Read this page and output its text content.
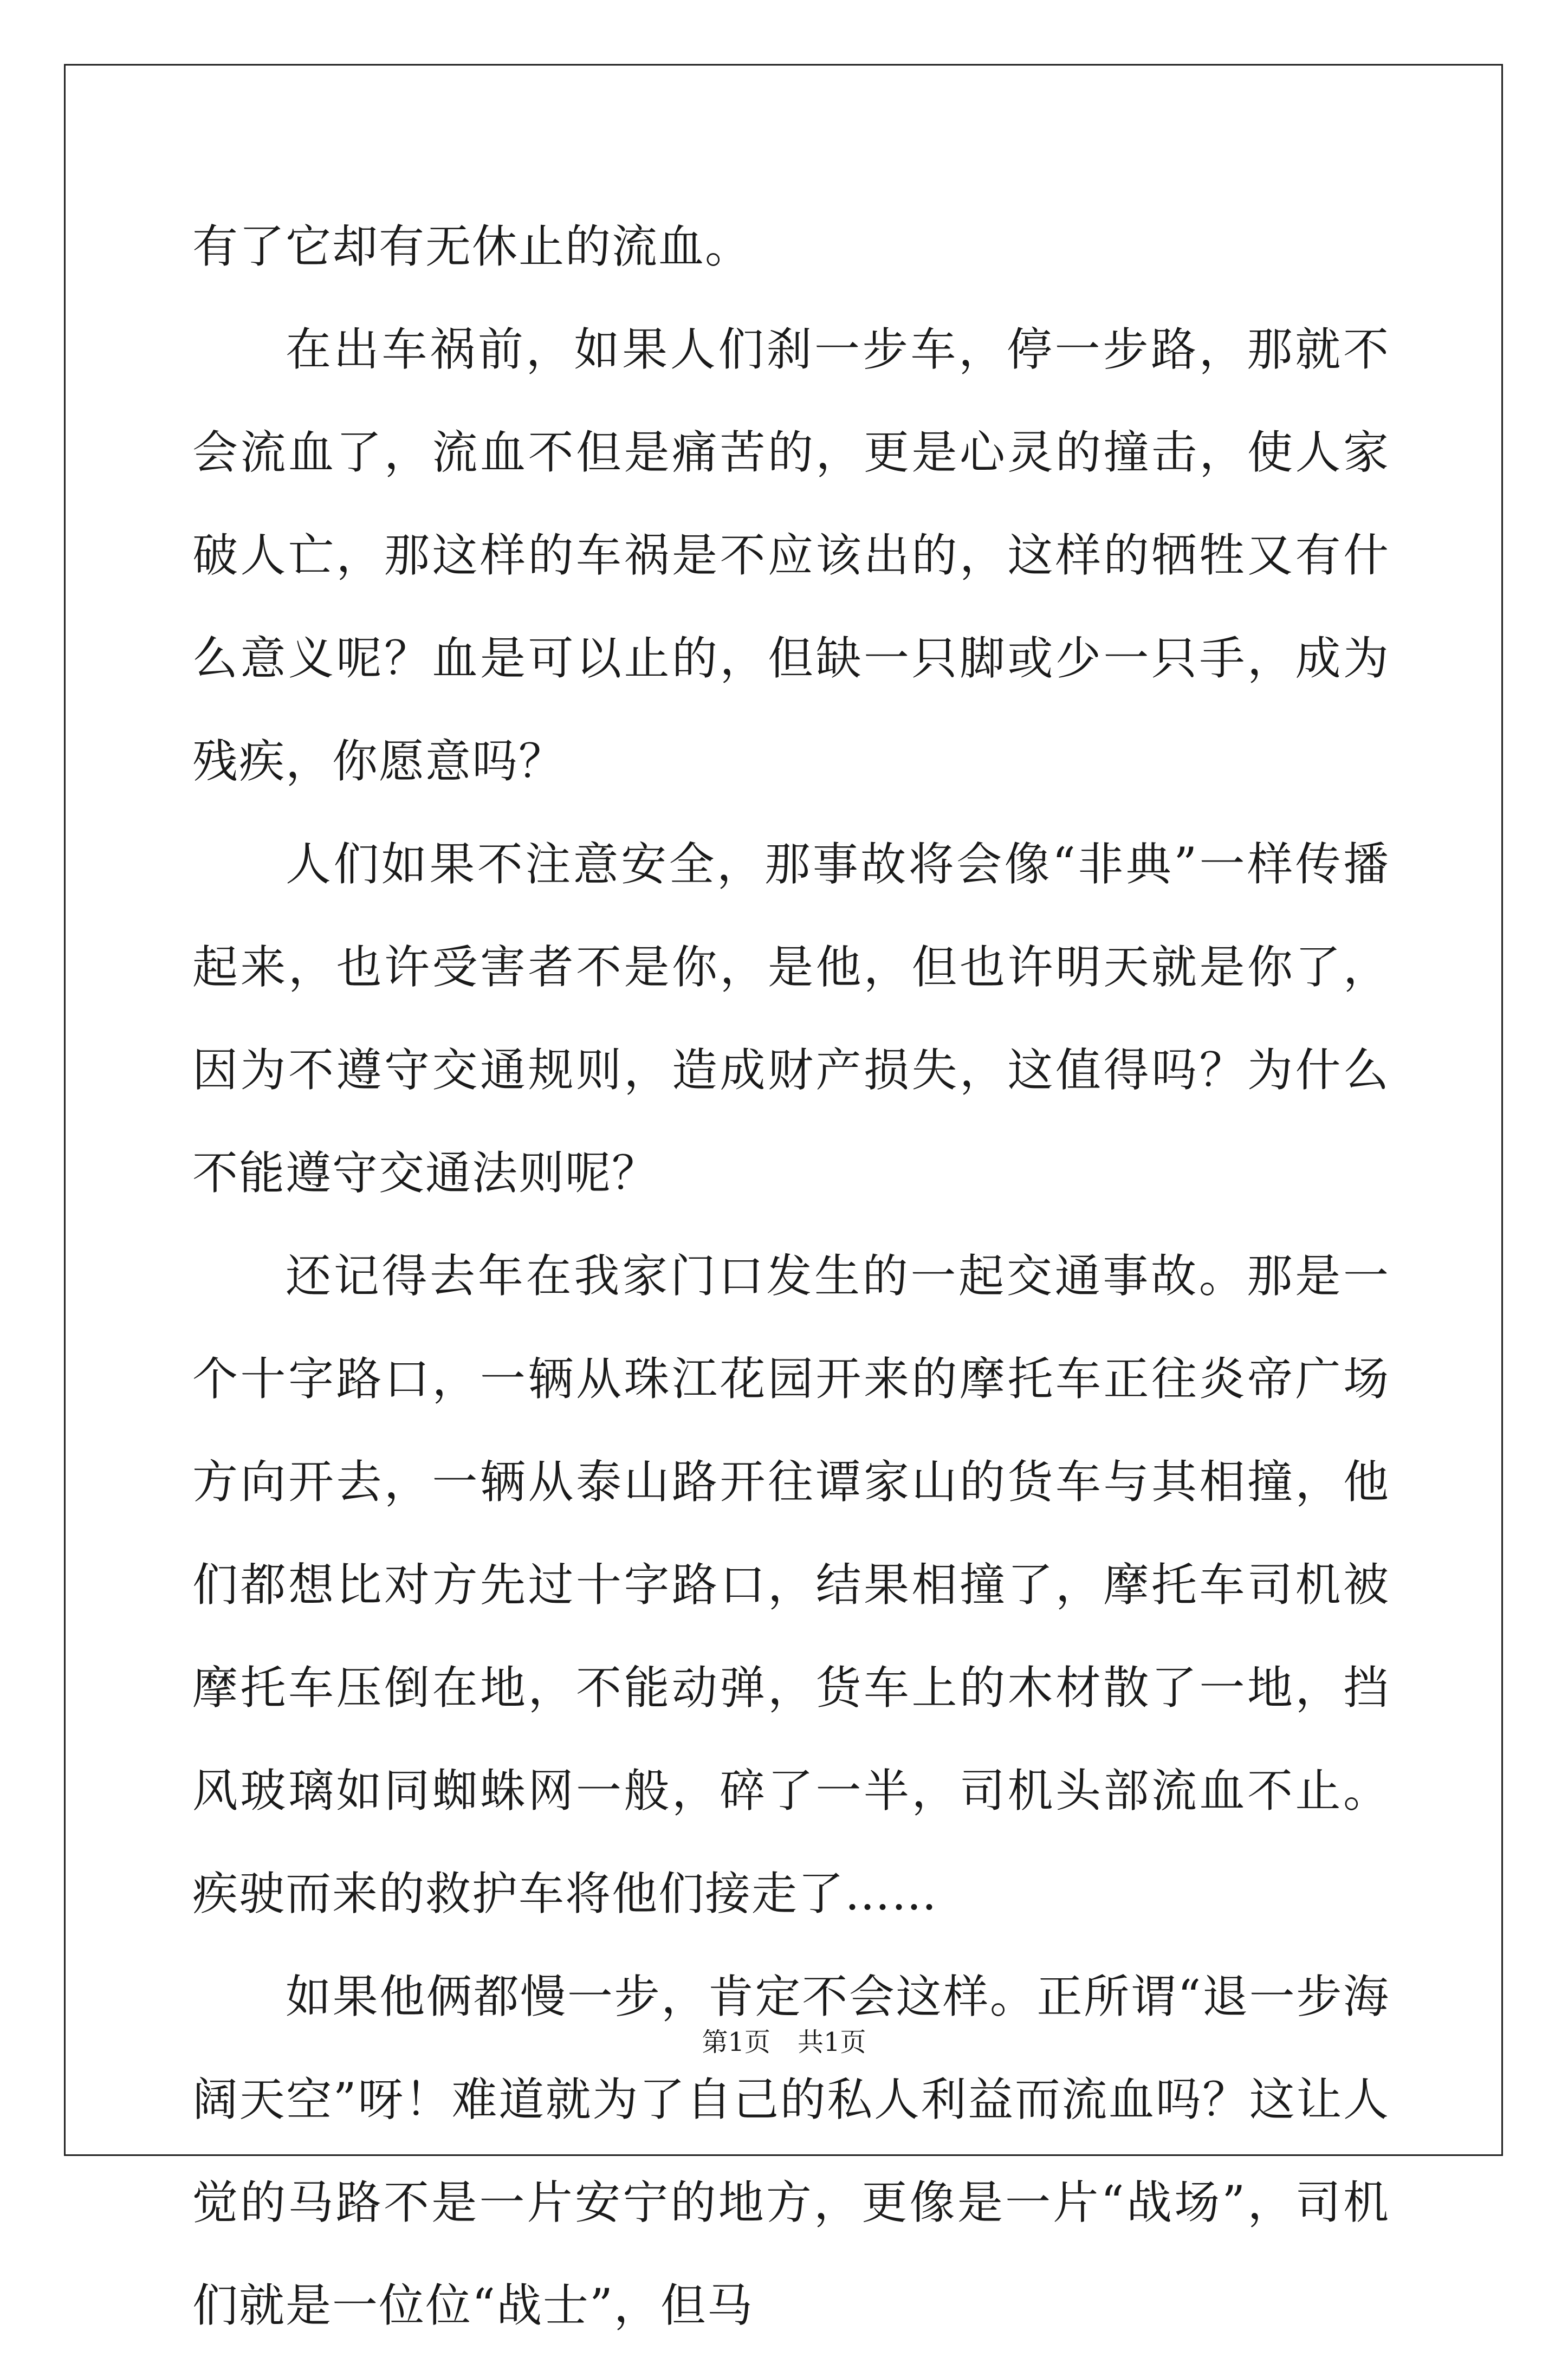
有了它却有无休止的流血。

在出车祸前，如果人们刹一步车，停一步路，那就不会流血了，流血不但是痛苦的，更是心灵的撞击，使人家破人亡，那这样的车祸是不应该出的，这样的牺牲又有什么意义呢？血是可以止的，但缺一只脚或少一只手，成为残疾，你愿意吗？

人们如果不注意安全，那事故将会像“非典”一样传播起来，也许受害者不是你，是他，但也许明天就是你了，因为不遵守交通规则，造成财产损失，这值得吗？为什么不能遵守交通法则呢？

还记得去年在我家门口发生的一起交通事故。那是一个十字路口，一辆从珠江花园开来的摩托车正往炎帝广场方向开去，一辆从泰山路开往谭家山的货车与其相撞，他们都想比对方先过十字路口，结果相撞了，摩托车司机被摩托车压倒在地，不能动弹，货车上的木材散了一地，挡风玻璃如同蜘蛛网一般，碎了一半，司机头部流血不止。疾驶而来的救护车将他们接走了……

如果他俩都慢一步，肯定不会这样。正所谓“退一步海阔天空”呀！难道就为了自己的私人利益而流血吗？这让人觉的马路不是一片安宁的地方，更像是一片“战场”，司机们就是一位位“战士”，但马

第1页 共1页
